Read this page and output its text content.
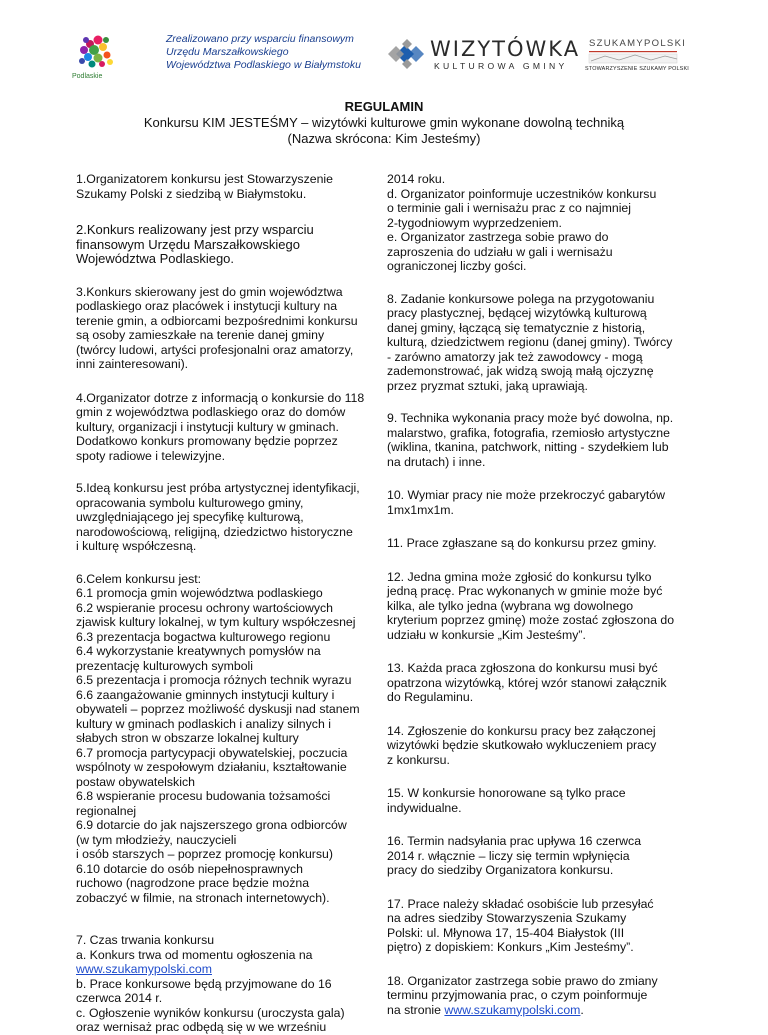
Podlaskie
Zrealizowano przy wsparciu finansowym
Urzędu Marszałkowskiego
Województwa Podlaskiego w Białymstoku
WIZYTÓWKA
KULTUROWA GMINY
SZUKAMYPOLSKI
STOWARZYSZENIE SZUKAMY POLSKI
REGULAMIN
Konkursu KIM JESTEŚMY – wizytówki kulturowe gmin wykonane dowolną techniką
(Nazwa skrócona: Kim Jesteśmy)

1.Organizatorem konkursu jest Stowarzyszenie
Szukamy Polski z siedzibą w Białymstoku.

2.Konkurs realizowany jest przy wsparciu
finansowym Urzędu Marszałkowskiego
Województwa Podlaskiego.

3.Konkurs skierowany jest do gmin województwa
podlaskiego oraz placówek i instytucji kultury na
terenie gmin, a odbiorcami bezpośrednimi konkursu
są osoby zamieszkałe na terenie danej gminy
(twórcy ludowi, artyści profesjonalni oraz amatorzy,
inni zainteresowani).

4.Organizator dotrze z informacją o konkursie do 118
gmin z województwa podlaskiego oraz do domów
kultury, organizacji i instytucji kultury w gminach.
Dodatkowo konkurs promowany będzie poprzez
spoty radiowe i telewizyjne.

5.Ideą konkursu jest próba artystycznej identyfikacji,
opracowania symbolu kulturowego gminy,
uwzględniającego jej specyfikę kulturową,
narodowościową, religijną, dziedzictwo historyczne
i kulturę współczesną.

6.Celem konkursu jest:
6.1 promocja gmin województwa podlaskiego
6.2 wspieranie procesu ochrony wartościowych
zjawisk kultury lokalnej, w tym kultury współczesnej
6.3 prezentacja bogactwa kulturowego regionu
6.4 wykorzystanie kreatywnych pomysłów na
prezentację kulturowych symboli
6.5 prezentacja i promocja różnych technik wyrazu
6.6 zaangażowanie gminnych instytucji kultury i
obywateli – poprzez możliwość dyskusji nad stanem
kultury w gminach podlaskich i analizy silnych i
słabych stron w obszarze lokalnej kultury
6.7 promocja partycypacji obywatelskiej, poczucia
wspólnoty w zespołowym działaniu, kształtowanie
postaw obywatelskich
6.8 wspieranie procesu budowania tożsamości
regionalnej
6.9 dotarcie do jak najszerszego grona odbiorców
(w tym młodzieży, nauczycieli
i osób starszych – poprzez promocję konkursu)
6.10 dotarcie do osób niepełnosprawnych
ruchowo (nagrodzone prace będzie można
zobaczyć w filmie, na stronach internetowych).

7. Czas trwania konkursu
a. Konkurs trwa od momentu ogłoszenia na
www.szukamypolski.com

b. Prace konkursowe będą przyjmowane do 16
czerwca 2014 r.
c. Ogłoszenie wyników konkursu (uroczysta gala)
oraz wernisaż prac odbędą się w we wrześniu

2014 roku.
d. Organizator poinformuje uczestników konkursu
o terminie gali i wernisażu prac z co najmniej
2-tygodniowym wyprzedzeniem.
e. Organizator zastrzega sobie prawo do
zaproszenia do udziału w gali i wernisażu
ograniczonej liczby gości.

8. Zadanie konkursowe polega na przygotowaniu
pracy plastycznej, będącej wizytówką kulturową
danej gminy, łączącą się tematycznie z historią,
kulturą, dziedzictwem regionu (danej gminy). Twórcy
- zarówno amatorzy jak też zawodowcy - mogą
zademonstrować, jak widzą swoją małą ojczyznę
przez pryzmat sztuki, jaką uprawiają.

9. Technika wykonania pracy może być dowolna, np.
malarstwo, grafika, fotografia, rzemiosło artystyczne
(wiklina, tkanina, patchwork, nitting - szydełkiem lub
na drutach) i inne.

10. Wymiar pracy nie może przekroczyć gabarytów
1mx1mx1m.

11. Prace zgłaszane są do konkursu przez gminy.

12. Jedna gmina może zgłosić do konkursu tylko
jedną pracę. Prac wykonanych w gminie może być
kilka, ale tylko jedna (wybrana wg dowolnego
kryterium poprzez gminę) może zostać zgłoszona do
udziału w konkursie „Kim Jesteśmy”.

13. Każda praca zgłoszona do konkursu musi być
opatrzona wizytówką, której wzór stanowi załącznik
do Regulaminu.

14. Zgłoszenie do konkursu pracy bez załączonej
wizytówki będzie skutkowało wykluczeniem pracy
z konkursu.

15. W konkursie honorowane są tylko prace
indywidualne.

16. Termin nadsyłania prac upływa 16 czerwca
2014 r. włącznie – liczy się termin wpłynięcia
pracy do siedziby Organizatora konkursu.

17. Prace należy składać osobiście lub przesyłać
na adres siedziby Stowarzyszenia Szukamy
Polski: ul. Młynowa 17, 15-404 Białystok (III
piętro) z dopiskiem: Konkurs „Kim Jesteśmy”.

18. Organizator zastrzega sobie prawo do zmiany
terminu przyjmowania prac, o czym poinformuje
na stronie www.szukamypolski.com.
